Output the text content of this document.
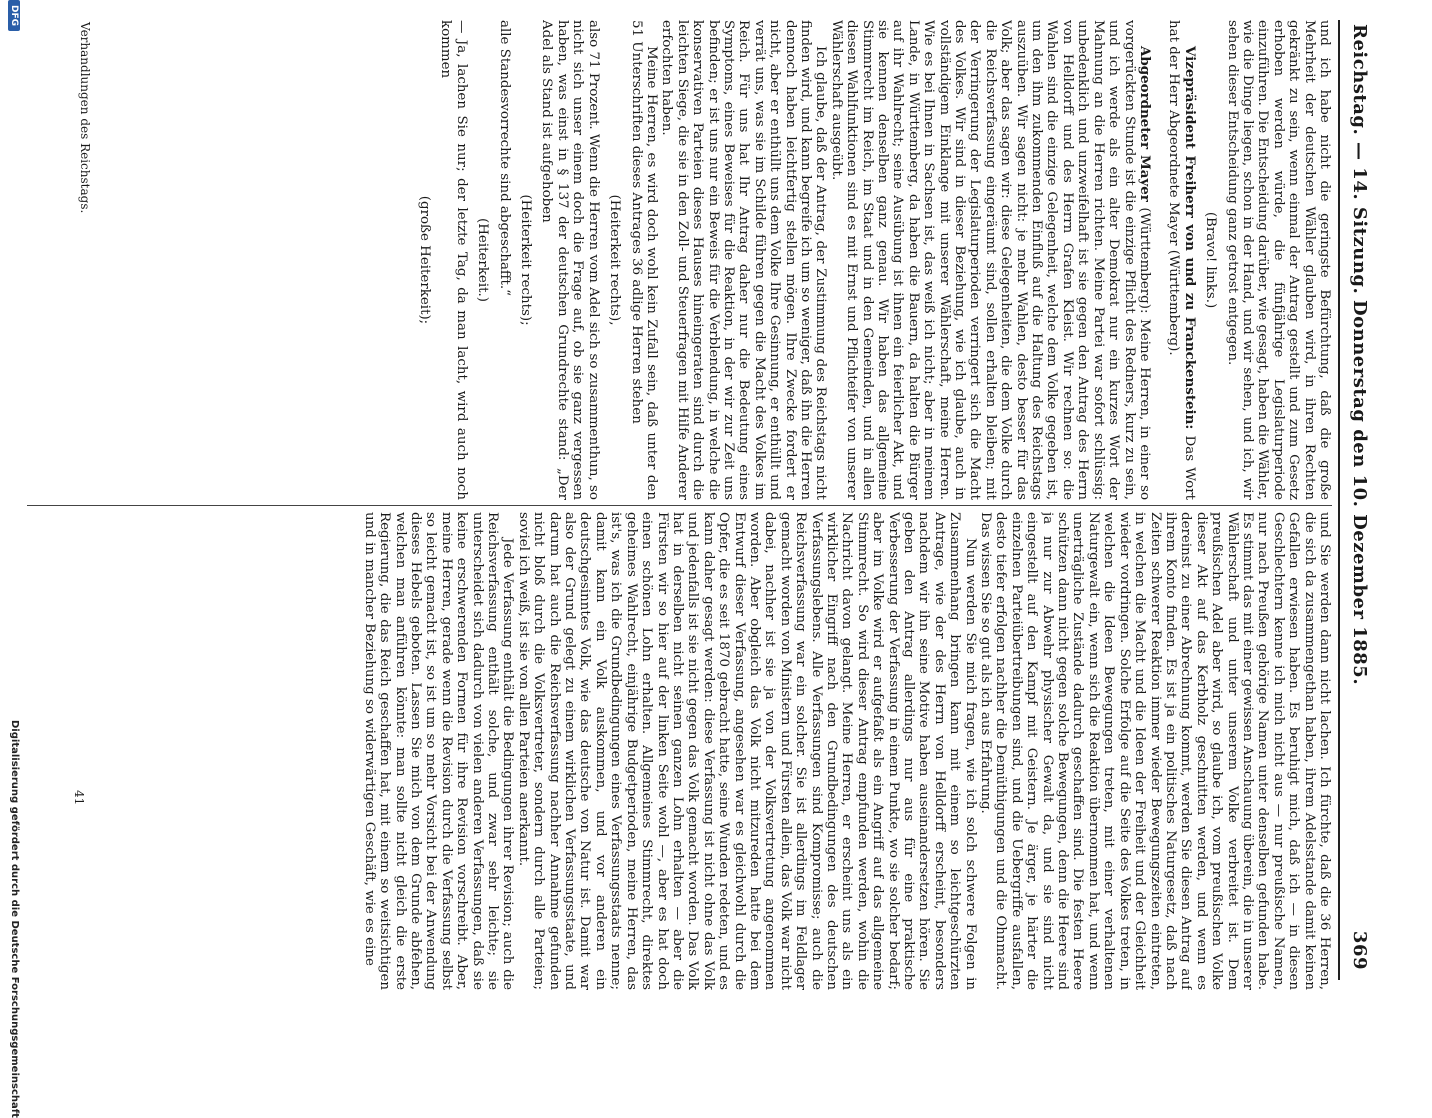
Reichstag. — 14. Sitzung.
Donnerstag den 10. Dezember 1885.
369

und ich habe nicht die geringste Befürchtung, daß die große Mehrheit der deutschen Wähler glauben wird, in ihren Rechten gekränkt zu sein, wenn einmal der Antrag gestellt und zum Gesetz erhoben werden würde, die fünfjährige Legislaturperiode einzuführen. Die Entscheidung darüber, wie gesagt, haben die Wähler, wie die Dinge liegen, schon in der Hand, und wir sehen, und ich, wir sehen dieser Entscheidung ganz getrost entgegen.

(Bravo! links.)

Vizepräsident Freiherr von und zu Franckenstein: Das Wort hat der Herr Abgeordnete Mayer (Württemberg).

Abgeordneter Mayer (Württemberg): Meine Herren, in einer so vorgerückten Stunde ist die einzige Pflicht des Redners, kurz zu sein, und ich werde als ein alter Demokrat nur ein kurzes Wort der Mahnung an die Herren richten. Meine Partei war sofort schlüssig: unbedenklich und unzweifelhaft ist sie gegen den Antrag des Herrn von Helldorff und des Herrn Grafen Kleist. Wir rechnen so: die Wahlen sind die einzige Gelegenheit, welche dem Volke gegeben ist, um den ihm zukommenden Einfluß auf die Haltung des Reichstags auszuüben. Wir sagen nicht: je mehr Wahlen, desto besser für das Volk; aber das sagen wir: diese Gelegenheiten, die dem Volke durch die Reichsverfassung eingeräumt sind, sollen erhalten bleiben; mit der Verringerung der Legislaturperioden verringert sich die Macht des Volkes. Wir sind in dieser Beziehung, wie ich glaube, auch in vollständigem Einklange mit unserer Wählerschaft, meine Herren. Wie es bei Ihnen in Sachsen ist, das weiß ich nicht; aber in meinem Lande, in Württemberg, da haben die Bauern, da halten die Bürger auf ihr Wahlrecht; seine Ausübung ist ihnen ein feierlicher Akt, und sie kennen denselben ganz genau. Wir haben das allgemeine Stimmrecht im Reich, im Staat und in den Gemeinden, und in allen diesen Wahlfunktionen sind es mit Ernst und Pflichteifer von unserer Wählerschaft ausgeübt.

Ich glaube, daß der Antrag, der Zustimmung des Reichstags nicht finden wird, und kann begreife ich um so weniger, daß ihn die Herren dennoch haben leichtfertig stellen mögen. Ihre Zwecke fordert er nicht, aber er enthüllt uns dem Volke Ihre Gesinnung, er enthüllt und verrät uns, was sie im Schilde führen gegen die Macht des Volkes im Reich. Für uns hat Ihr Antrag daher nur die Bedeutung eines Symptoms, eines Beweises für die Reaktion, in der wir zur Zeit uns befinden; er ist uns nur ein Beweis für die Verblendung, in welche die konservativen Parteien dieses Hauses hineingeraten sind durch die leichten Siege, die sie in den Zoll- und Steuerfragen mit Hilfe Anderer erfochten haben.

Meine Herren, es wird doch wohl kein Zufall sein, daß unter den 51 Unterschriften dieses Antrages 36 adlige Herren stehen

(Heiterkeit rechts),

also 71 Prozent. Wenn die Herren vom Adel sich so zusammenthun, so nicht sich unser einem doch die Frage auf, ob sie ganz vergessen haben, was einst in § 137 der deutschen Grundrechte stand: „Der Adel als Stand ist aufgehoben

(Heiterkeit rechts);

alle Standesvorrechte sind abgeschafft.“

(Heiterkeit.)

— Ja, lachen Sie nur; der letzte Tag, da man lacht, wird auch noch kommen

(große Heiterkeit);

Verhandlungen des Reichstags.

und Sie werden dann nicht lachen. Ich fürchte, daß die 36 Herren, die sich da zusammengethan haben, ihrem Adelsstande damit keinen Gefallen erwiesen haben. Es beruhigt mich, daß ich — in diesen Geschlechtern kenne ich mich nicht aus — nur preußische Namen, nur nach Preußen gehörige Namen unter denselben gefunden habe. Es stimmt das mit einer gewissen Anschauung überein, die in unserer Wählerschaft und unter unserem Volke verbreitet ist. Dem preußischen Adel aber wird, so glaube ich, vom preußischen Volke dieser Akt auf das Kerbholz geschnitten werden, und wenn es dereinst zu einer Abrechnung kommt, werden Sie diesen Antrag auf ihrem Konto finden. Es ist ja ein politisches Naturgesetz, daß nach Zeiten schwerer Reaktion immer wieder Bewegungszeiten eintreten, in welchen die Macht und die Ideen der Freiheit und der Gleichheit wieder vordringen. Solche Erfolge auf die Seite des Volkes treten, in welchen die Ideen Bewegungen treten, mit einer verhaltenen Naturgewalt ein, wenn sich die Reaktion übernommen hat, und wenn unerträgliche Zustände dadurch geschaffen sind. Die festen Heere schützen dann nicht gegen solche Bewegungen, denn die Heere sind ja nur zur Abwehr physischer Gewalt da, und sie sind nicht eingestellt auf den Kampf mit Geistern. Je ärger, je härter die einzelnen Parteiübertreibungen sind, und die Uebergriffe ausfallen, desto tiefer erfolgen nachher die Demüthigungen und die Ohnmacht. Das wissen Sie so gut als ich aus Erfahrung.

Nun werden Sie mich fragen, wie ich solch schwere Folgen in Zusammenhang bringen kann mit einem so leichtgeschürzten Antrage, wie der des Herrn von Helldorff erscheint, besonders nachdem wir ihn seine Motive haben auseinandersetzen hören. Sie geben den Antrag allerdings nur aus für eine praktische Verbesserung der Verfassung in einem Punkte, wo sie solcher bedarf; aber im Volke wird er aufgefaßt als ein Angriff auf das allgemeine Stimmrecht. So wird dieser Antrag empfunden werden, wohin die Nachricht davon gelangt. Meine Herren, er erscheint uns als ein wirklicher Eingriff nach den Grundbedingungen des deutschen Verfassungslebens. Alle Verfassungen sind Kompromisse; auch die Reichsverfassung war ein solcher. Sie ist allerdings im Feldlager gemacht worden von Ministern und Fürsten allein, das Volk war nicht dabei, nachher ist sie ja von der Volksvertretung angenommen worden. Aber obgleich das Volk nicht mitzureden hatte bei dem Entwurf dieser Verfassung, angesehen war es gleichwohl durch die Opfer, die es seit 1870 gebracht hatte, seine Wunden redeten, und es kann daher gesagt werden: diese Verfassung ist nicht ohne das Volk und jedenfalls ist sie nicht gegen das Volk gemacht worden. Das Volk hat in derselben nicht seinen ganzen Lohn erhalten — aber die Fürsten wir so hier auf der linken Seite wohl —, aber es hat doch einen schönen Lohn erhalten. Allgemeines Stimmrecht, direktes geheimes Wahlrecht, einjährige Budgetperioden, meine Herren, das ist's, was ich die Grundbedingungen eines Verfassungsstaats nenne; damit kann ein Volk auskommen, und vor anderen ein deutschgesinntes Volk, wie das deutsche von Natur ist. Damit war also der Grund gelegt zu einem wirklichen Verfassungsstaate, und darum hat auch die Reichsverfassung nachher Annahme gefunden nicht bloß durch die Volksvertreter, sondern durch alle Parteien; soviel ich weiß, ist sie von allen Parteien anerkannt.

Jede Verfassung enthält die Bedingungen ihrer Revision; auch die Reichsverfassung enthält solche, und zwar sehr leichte; sie unterscheidet sich dadurch von vielen anderen Verfassungen, daß sie keine erschwerenden Formen für ihre Revision vorschreibt. Aber, meine Herren, gerade wenn die Revision durch die Verfassung selbst so leicht gemacht ist, so ist um so mehr Vorsicht bei der Anwendung dieses Hebels geboten. Lassen Sie mich von dem Grunde abfehen, welchen man anführen könnte: man sollte nicht gleich die erste Regierung, die das Reich geschaffen hat, mit einem so weitsichtigen und in mancher Beziehung so widerwärtigen Geschäft, wie es eine

41
Digitalisierung gefördert durch die Deutsche Forschungsgemeinschaft
DFG
